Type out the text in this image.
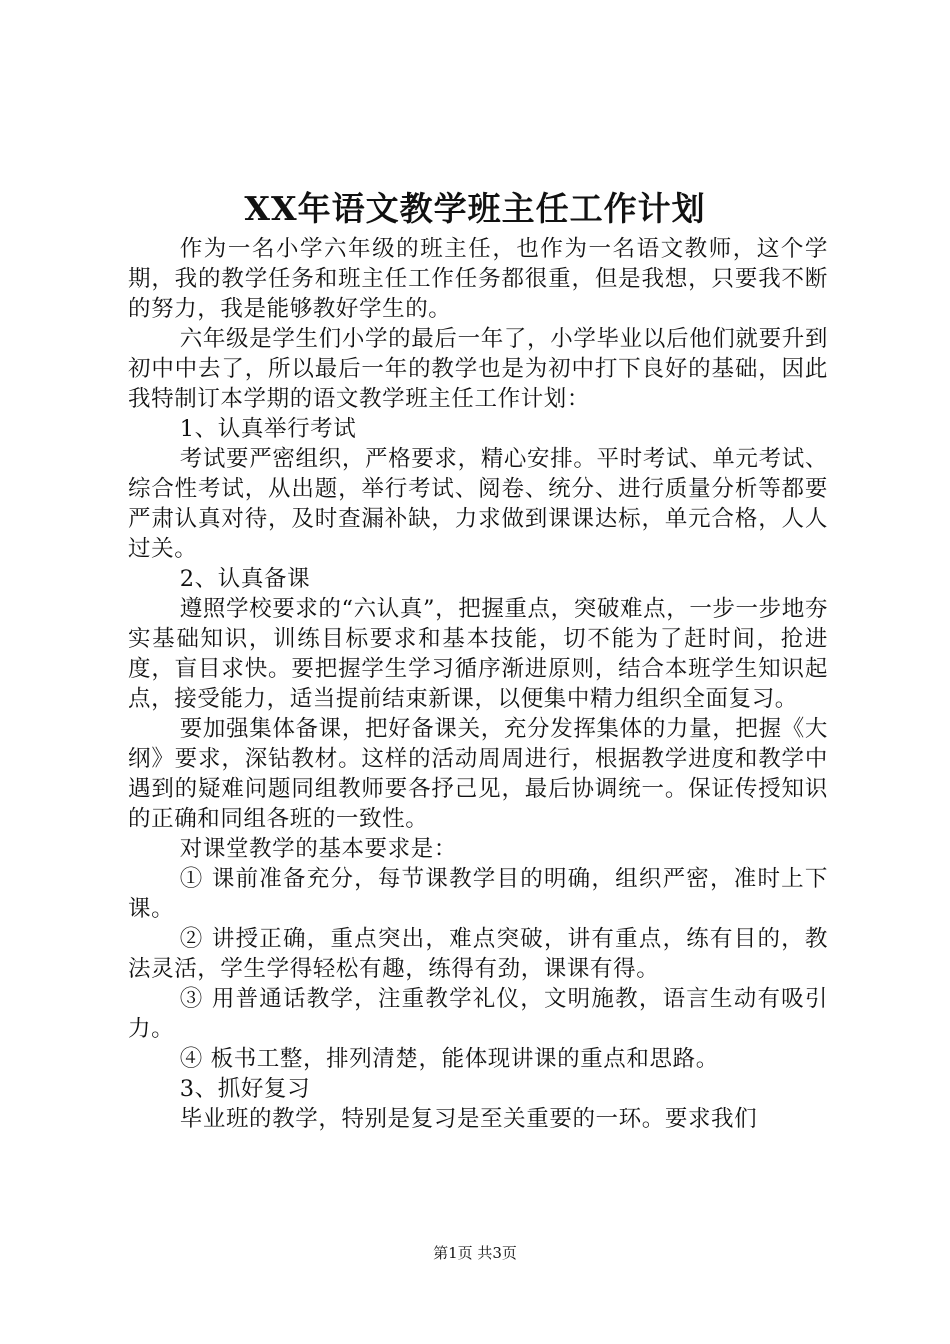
XX年语文教学班主任工作计划

作为一名小学六年级的班主任，也作为一名语文教师，这个学期，我的教学任务和班主任工作任务都很重，但是我想，只要我不断的努力，我是能够教好学生的。

六年级是学生们小学的最后一年了，小学毕业以后他们就要升到初中中去了，所以最后一年的教学也是为初中打下良好的基础，因此我特制订本学期的语文教学班主任工作计划：

1、认真举行考试

考试要严密组织，严格要求，精心安排。平时考试、单元考试、综合性考试，从出题，举行考试、阅卷、统分、进行质量分析等都要严肃认真对待，及时查漏补缺，力求做到课课达标，单元合格，人人过关。

2、认真备课

遵照学校要求的“六认真”，把握重点，突破难点，一步一步地夯实基础知识，训练目标要求和基本技能，切不能为了赶时间，抢进度，盲目求快。要把握学生学习循序渐进原则，结合本班学生知识起点，接受能力，适当提前结束新课，以便集中精力组织全面复习。

要加强集体备课，把好备课关，充分发挥集体的力量，把握《大纲》要求，深钻教材。这样的活动周周进行，根据教学进度和教学中遇到的疑难问题同组教师要各抒己见，最后协调统一。保证传授知识的正确和同组各班的一致性。

对课堂教学的基本要求是：

① 课前准备充分，每节课教学目的明确，组织严密，准时上下课。

② 讲授正确，重点突出，难点突破，讲有重点，练有目的，教法灵活，学生学得轻松有趣，练得有劲，课课有得。

③ 用普通话教学，注重教学礼仪，文明施教，语言生动有吸引力。

④ 板书工整，排列清楚，能体现讲课的重点和思路。

3、抓好复习

毕业班的教学，特别是复习是至关重要的一环。要求我们

第1页 共3页
